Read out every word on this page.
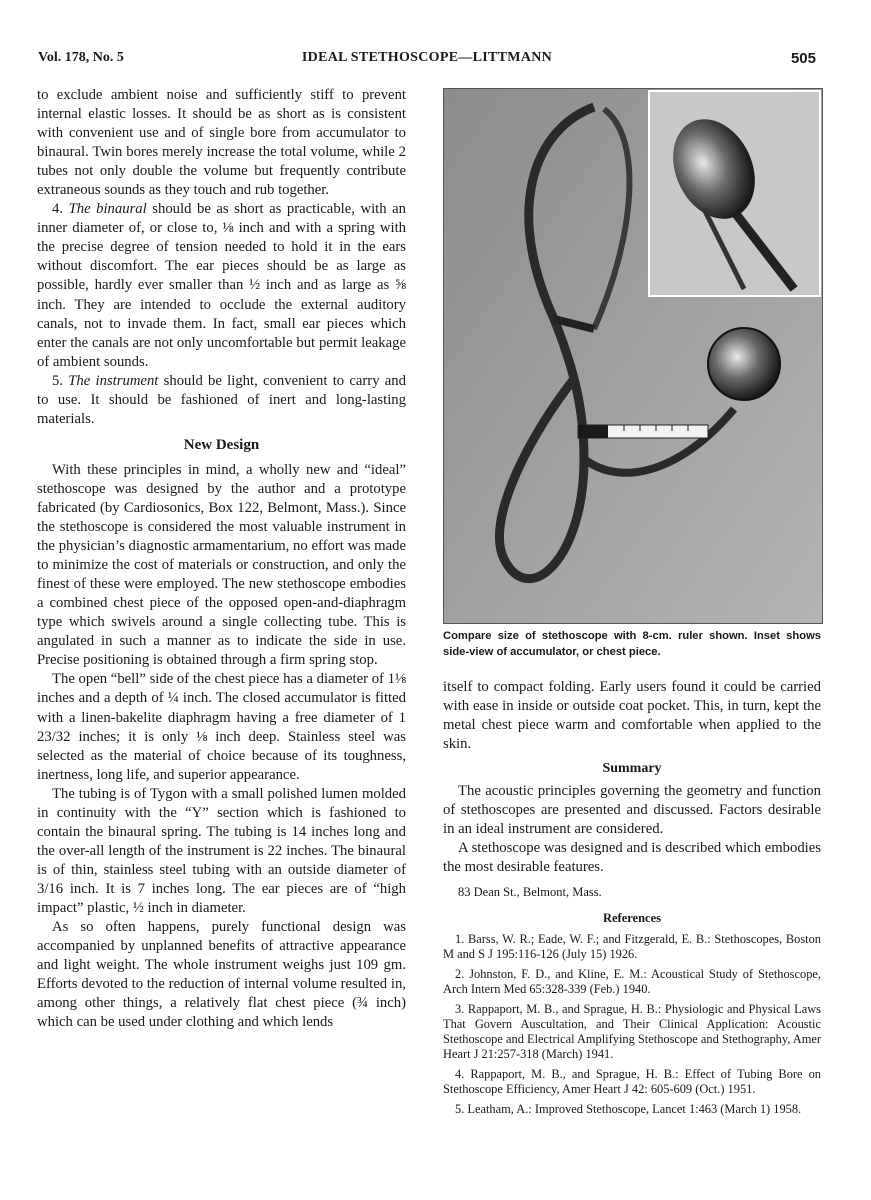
Vol. 178, No. 5	IDEAL STETHOSCOPE—LITTMANN	505

to exclude ambient noise and sufficiently stiff to prevent internal elastic losses. It should be as short as is consistent with convenient use and of single bore from accumulator to binaural. Twin bores merely increase the total volume, while 2 tubes not only double the volume but frequently contribute extraneous sounds as they touch and rub together.

4. The binaural should be as short as practicable, with an inner diameter of, or close to, ⅛ inch and with a spring with the precise degree of tension needed to hold it in the ears without discomfort. The ear pieces should be as large as possible, hardly ever smaller than ½ inch and as large as ⅝ inch. They are intended to occlude the external auditory canals, not to invade them. In fact, small ear pieces which enter the canals are not only uncomfortable but permit leakage of ambient sounds.

5. The instrument should be light, convenient to carry and to use. It should be fashioned of inert and long-lasting materials.

New Design

With these principles in mind, a wholly new and “ideal” stethoscope was designed by the author and a prototype fabricated (by Cardiosonics, Box 122, Belmont, Mass.). Since the stethoscope is considered the most valuable instrument in the physician’s diagnostic armamentarium, no effort was made to minimize the cost of materials or construction, and only the finest of these were employed. The new stethoscope embodies a combined chest piece of the opposed open-and-diaphragm type which swivels around a single collecting tube. This is angulated in such a manner as to indicate the side in use. Precise positioning is obtained through a firm spring stop.

The open “bell” side of the chest piece has a diameter of 1⅛ inches and a depth of ¼ inch. The closed accumulator is fitted with a linen-bakelite diaphragm having a free diameter of 1 23/32 inches; it is only ⅛ inch deep. Stainless steel was selected as the material of choice because of its toughness, inertness, long life, and superior appearance.

The tubing is of Tygon with a small polished lumen molded in continuity with the “Y” section which is fashioned to contain the binaural spring. The tubing is 14 inches long and the over-all length of the instrument is 22 inches. The binaural is of thin, stainless steel tubing with an outside diameter of 3/16 inch. It is 7 inches long. The ear pieces are of “high impact” plastic, ½ inch in diameter.

As so often happens, purely functional design was accompanied by unplanned benefits of attractive appearance and light weight. The whole instrument weighs just 109 gm. Efforts devoted to the reduction of internal volume resulted in, among other things, a relatively flat chest piece (¾ inch) which can be used under clothing and which lends

Compare size of stethoscope with 8-cm. ruler shown. Inset shows side-view of accumulator, or chest piece.

itself to compact folding. Early users found it could be carried with ease in inside or outside coat pocket. This, in turn, kept the metal chest piece warm and comfortable when applied to the skin.

Summary

The acoustic principles governing the geometry and function of stethoscopes are presented and discussed. Factors desirable in an ideal instrument are considered.

A stethoscope was designed and is described which embodies the most desirable features.

83 Dean St., Belmont, Mass.
References

1. Barss, W. R.; Eade, W. F.; and Fitzgerald, E. B.: Stethoscopes, Boston M and S J 195:116-126 (July 15) 1926.

2. Johnston, F. D., and Kline, E. M.: Acoustical Study of Stethoscope, Arch Intern Med 65:328-339 (Feb.) 1940.

3. Rappaport, M. B., and Sprague, H. B.: Physiologic and Physical Laws That Govern Auscultation, and Their Clinical Application: Acoustic Stethoscope and Electrical Amplifying Stethoscope and Stethography, Amer Heart J 21:257-318 (March) 1941.

4. Rappaport, M. B., and Sprague, H. B.: Effect of Tubing Bore on Stethoscope Efficiency, Amer Heart J 42: 605-609 (Oct.) 1951.

5. Leatham, A.: Improved Stethoscope, Lancet 1:463 (March 1) 1958.
